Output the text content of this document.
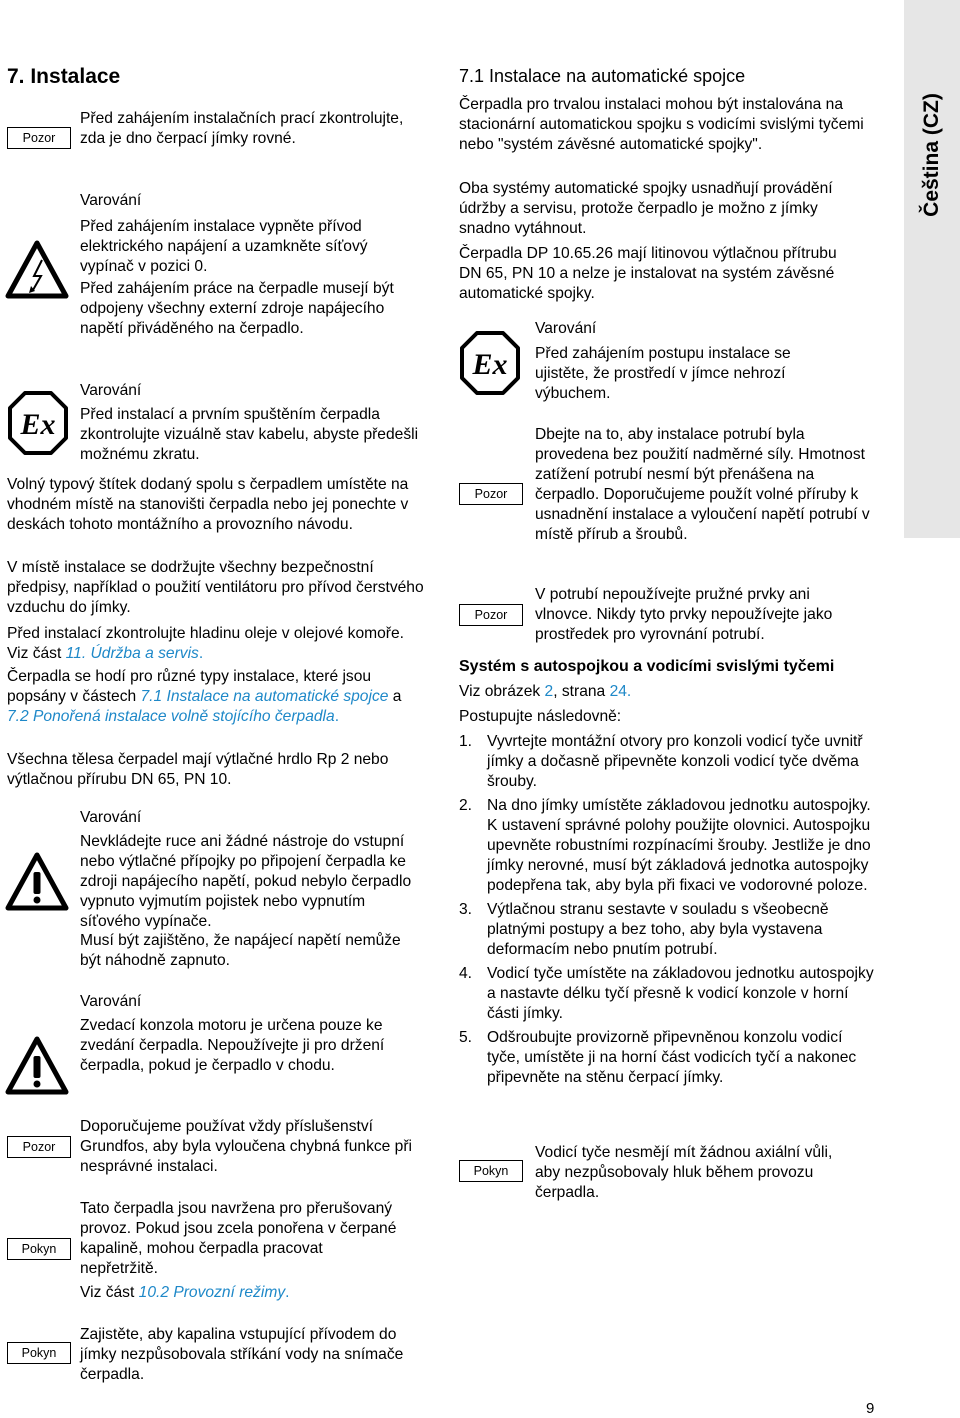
Čeština (CZ)
7. Instalace
Pozor

Před zahájením instalačních prací zkontrolujte, zda je dno čerpací jímky rovné.

Varování

Před zahájením instalace vypněte přívod elektrického napájení a uzamkněte síťový vypínač v pozici 0.

Před zahájením práce na čerpadle musejí být odpojeny všechny externí zdroje napájecího napětí přiváděného na čerpadlo.

Ex

Varování

Před instalací a prvním spuštěním čerpadla zkontrolujte vizuálně stav kabelu, abyste předešli možnému zkratu.

Volný typový štítek dodaný spolu s čerpadlem umístěte na vhodném místě na stanovišti čerpadla nebo jej ponechte v deskách tohoto montážního a provozního návodu.

V místě instalace se dodržujte všechny bezpečnostní předpisy, například o použití ventilátoru pro přívod čerstvého vzduchu do jímky.

Před instalací zkontrolujte hladinu oleje v olejové komoře. Viz část 11. Údržba a servis.

Čerpadla se hodí pro různé typy instalace, které jsou popsány v částech 7.1 Instalace na automatické spojce a 7.2 Ponořená instalace volně stojícího čerpadla.

Všechna tělesa čerpadel mají výtlačné hrdlo Rp 2 nebo výtlačnou přírubu DN 65, PN 10.

Varování

Nevkládejte ruce ani žádné nástroje do vstupní nebo výtlačné přípojky po připojení čerpadla ke zdroji napájecího napětí, pokud nebylo čerpadlo vypnuto vyjmutím pojistek nebo vypnutím síťového vypínače.

Musí být zajištěno, že napájecí napětí nemůže být náhodně zapnuto.

Varování

Zvedací konzola motoru je určena pouze ke zvedání čerpadla. Nepoužívejte ji pro držení čerpadla, pokud je čerpadlo v chodu.

Pozor

Doporučujeme používat vždy příslušenství Grundfos, aby byla vyloučena chybná funkce při nesprávné instalaci.

Pokyn

Tato čerpadla jsou navržena pro přerušovaný provoz. Pokud jsou zcela ponořena v čerpané kapalině, mohou čerpadla pracovat nepřetržitě.

Viz část 10.2 Provozní režimy.

Pokyn

Zajistěte, aby kapalina vstupující přívodem do jímky nezpůsobovala stříkání vody na snímače čerpadla.

7.1 Instalace na automatické spojce

Čerpadla pro trvalou instalaci mohou být instalována na stacionární automatickou spojku s vodicími svislými tyčemi nebo "systém závěsné automatické spojky".

Oba systémy automatické spojky usnadňují provádění údržby a servisu, protože čerpadlo je možno z jímky snadno vytáhnout.

Čerpadla DP 10.65.26 mají litinovou výtlačnou přítrubu DN 65, PN 10 a nelze je instalovat na systém závěsné automatické spojky.

Ex

Varování

Před zahájením postupu instalace se ujistěte, že prostředí v jímce nehrozí výbuchem.

Pozor

Dbejte na to, aby instalace potrubí byla provedena bez použití nadměrné síly. Hmotnost zatížení potrubí nesmí být přenášena na čerpadlo. Doporučujeme použít volné příruby k usnadnění instalace a vyloučení napětí potrubí v místě přírub a šroubů.

Pozor

V potrubí nepoužívejte pružné prvky ani vlnovce. Nikdy tyto prvky nepoužívejte jako prostředek pro vyrovnání potrubí.

Systém s autospojkou a vodicími svislými tyčemi

Viz obrázek 2, strana 24.

Postupujte následovně:

1. Vyvrtejte montážní otvory pro konzoli vodicí tyče uvnitř jímky a dočasně připevněte konzoli vodicí tyče dvěma šrouby.
2. Na dno jímky umístěte základovou jednotku autospojky. K ustavení správné polohy použijte olovnici. Autospojku upevněte robustními rozpínacími šrouby. Jestliže je dno jímky nerovné, musí být základová jednotka autospojky podepřena tak, aby byla při fixaci ve vodorovné poloze.
3. Výtlačnou stranu sestavte v souladu s všeobecně platnými postupy a bez toho, aby byla vystavena deformacím nebo pnutím potrubí.
4. Vodicí tyče umístěte na základovou jednotku autospojky a nastavte délku tyčí přesně k vodicí konzole v horní části jímky.
5. Odšroubujte provizorně připevněnou konzolu vodicí tyče, umístěte ji na horní část vodicích tyčí a nakonec připevněte na stěnu čerpací jímky.
Pokyn

Vodicí tyče nesmějí mít žádnou axiální vůli, aby nezpůsobovaly hluk během provozu čerpadla.

9
